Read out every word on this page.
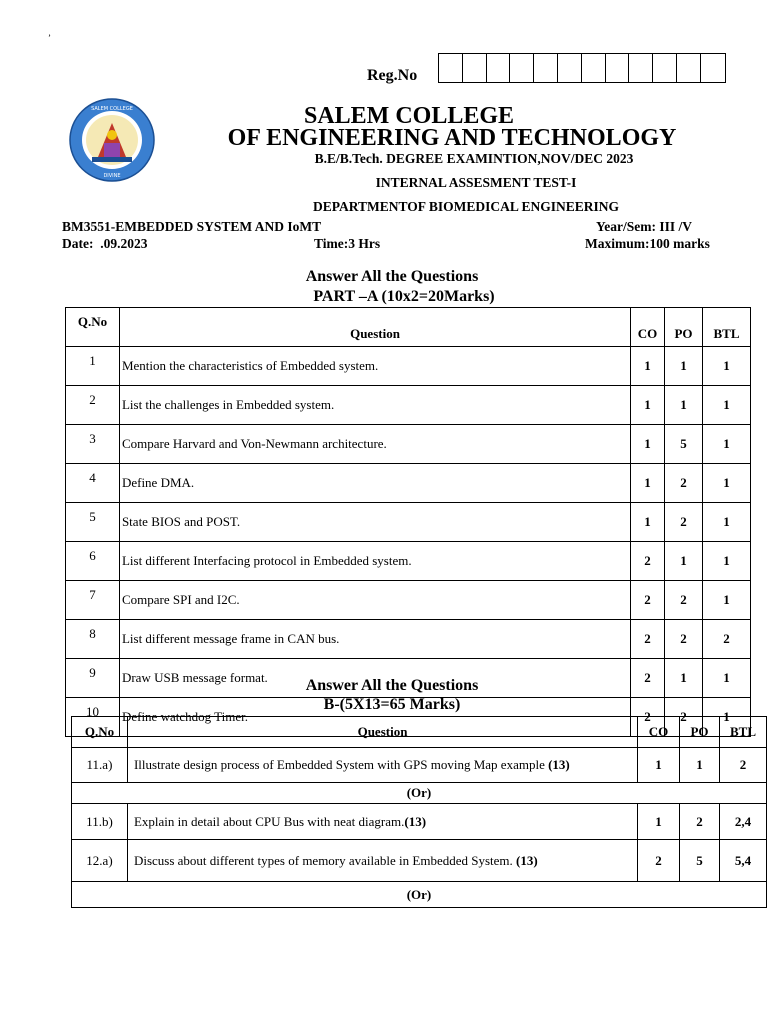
ʼ
Reg.No
SALEM COLLEGE
DIVINE
SALEM COLLEGE
OF ENGINEERING AND TECHNOLOGY
B.E/B.Tech. DEGREE EXAMINTION,NOV/DEC 2023
INTERNAL ASSESMENT TEST-I
DEPARTMENTOF BIOMEDICAL ENGINEERING
BM3551-EMBEDDED SYSTEM AND IoMT	Year/Sem: III /V
Date:  .09.2023	Time:3 Hrs	Maximum:100 marks
Answer All the Questions
PART –A (10x2=20Marks)
Q.No	Question	CO	PO	BTL
1	Mention the characteristics of Embedded system.	1	1	1
2	List the challenges in Embedded system.	1	1	1
3	Compare Harvard and Von-Newmann architecture.	1	5	1
4	Define DMA.	1	2	1
5	State BIOS and POST.	1	2	1
6	List different Interfacing protocol in Embedded system.	2	1	1
7	Compare SPI and I2C.	2	2	1
8	List different message frame in CAN bus.	2	2	2
9	Draw USB message format.	2	1	1
10	Define watchdog Timer.	2	2	1
Answer All the Questions
B-(5X13=65 Marks)
Q.No	Question	CO	PO	BTL
11.a)	Illustrate design process of Embedded System with GPS moving Map example (13)	1	1	2
(Or)				
11.b)	Explain in detail about CPU Bus with neat diagram.(13)	1	2	2,4
12.a)	Discuss about different types of memory available in Embedded System. (13)	2	5	5,4
(Or)				
